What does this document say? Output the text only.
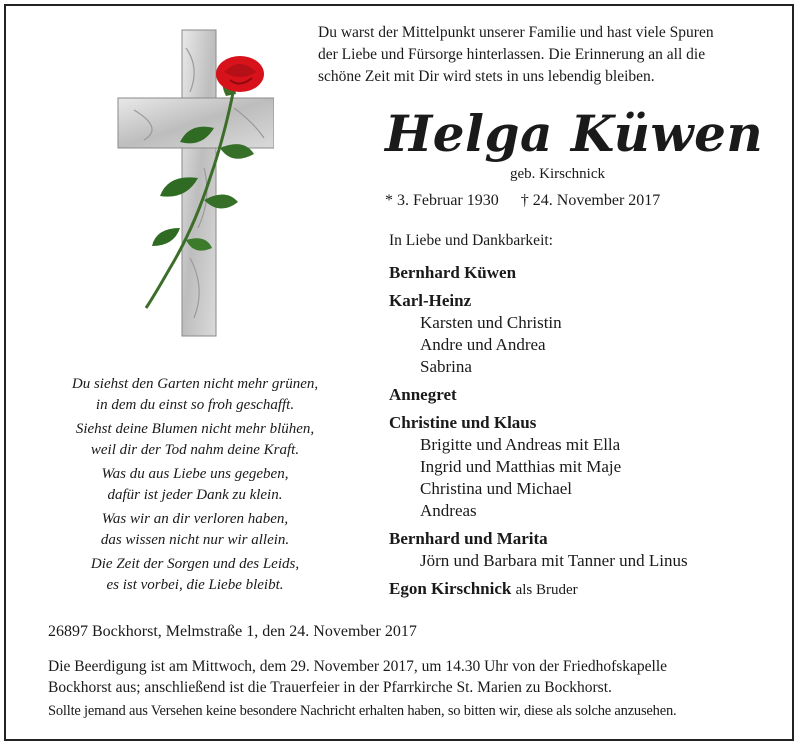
Du warst der Mittelpunkt unserer Familie und hast viele Spuren
der Liebe und Fürsorge hinterlassen. Die Erinnerung an all die
schöne Zeit mit Dir wird stets in uns lebendig bleiben.
Helga Küwen
geb. Kirschnick
* 3. Februar 1930 † 24. November 2017
In Liebe und Dankbarkeit:
Bernhard Küwen
Karl-Heinz
Karsten und Christin
Andre und Andrea
Sabrina
Annegret
Christine und Klaus
Brigitte und Andreas mit Ella
Ingrid und Matthias mit Maje
Christina und Michael
Andreas
Bernhard und Marita
Jörn und Barbara mit Tanner und Linus
Egon Kirschnick als Bruder
Du siehst den Garten nicht mehr grünen,
in dem du einst so froh geschafft.
Siehst deine Blumen nicht mehr blühen,
weil dir der Tod nahm deine Kraft.
Was du aus Liebe uns gegeben,
dafür ist jeder Dank zu klein.
Was wir an dir verloren haben,
das wissen nicht nur wir allein.
Die Zeit der Sorgen und des Leids,
es ist vorbei, die Liebe bleibt.
26897 Bockhorst, Melmstraße 1, den 24. November 2017
Die Beerdigung ist am Mittwoch, dem 29. November 2017, um 14.30 Uhr von der Friedhofskapelle
Bockhorst aus; anschließend ist die Trauerfeier in der Pfarrkirche St. Marien zu Bockhorst.
Sollte jemand aus Versehen keine besondere Nachricht erhalten haben, so bitten wir, diese als solche anzusehen.
